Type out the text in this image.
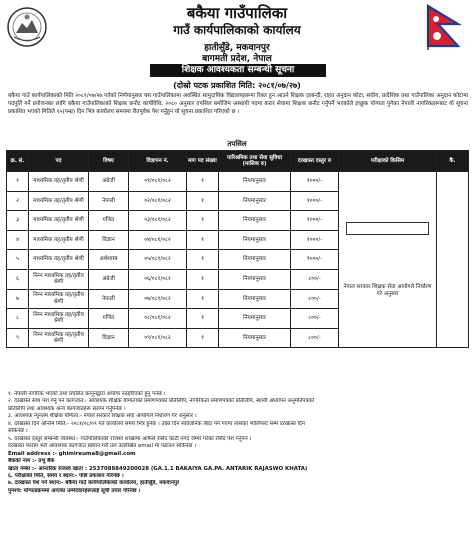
बकैया गाउँपालिका
गाउँ कार्यपालिकाको कार्यालय
हातीसुँडे, मकवानपुर
बागमती प्रदेश, नेपाल
शिक्षक आवश्यकता सम्बन्धी सूचना
(दोस्रो पटक प्रकाशित मिति: २०८१/०७/२७)
बकैया गाउँ कार्यपालिकाको मिति २०८१/०७/२७ गतेको निर्णयानुसार यस गाउँपालिकामा अवस्थित सामुदायिक विद्यालयहरूमा रिक्त हुन आउने शिक्षक दरबन्दी, राहत अनुदान कोटा, संघीय, प्रादेशिक तथा गाउँपालिका अनुदान कोटामा पदपूर्ति गर्ने प्रयोजनका लागि बकैया गाउँपालिकाको शिक्षक छनौट कार्यविधि, २०८० अनुसार तपसिल बमोजिम अस्थायी पदमा करार सेवामा शिक्षक छनौट गर्नुपर्ने भएकोले इच्छुक योग्यता पुगेका नेपाली नागरिकहरूबाट यो सूचना प्रकाशित भएको मितिले १५(पन्ध्र) दिन भित्र कार्यालय समयमा रीतपूर्वक पेश गर्नुहुन यो सूचना प्रकाशित गरिएको छ ।
तपसिल
क्र. सं.	पद	विषय	विज्ञापन नं.	माग पद संख्या	पारिश्रमिक तथा सेवा सुविधा (मासिक रु)	दरखास्त दस्तुर रु	परीक्षाको किसिम	कै.
१	माध्यमिक तह/तृतीय श्रेणी	अंग्रेजी	०१/०८१/०८२	१	नियमानुसार	१०००/-	नेपाल सरकार शिक्षक सेवा आयोगले निर्धारण गरे अनुसार	

२	माध्यमिक तह/तृतीय श्रेणी	नेपाली	०२/०८१/०८२	१	नियमानुसार	१०००/-		
३	माध्यमिक तह/तृतीय श्रेणी	गणित	०३/०८१/०८२	१	नियमानुसार	१०००/-		
४	माध्यमिक तह/तृतीय श्रेणी	विज्ञान	०४/०८१/०८२	१	नियमानुसार	१०००/-		
५	माध्यमिक तह/तृतीय श्रेणी	अर्थशास्त्र	०५/०८१/०८२	१	नियमानुसार	१०००/-		
६	निम्न माध्यमिक तह/तृतीय श्रेणी	अंग्रेजी	०६/०८१/०८२	१	नियमानुसार	८००/-		
७	निम्न माध्यमिक तह/तृतीय श्रेणी	नेपाली	०७/०८१/०८२	१	नियमानुसार	८००/-		
८	निम्न माध्यमिक तह/तृतीय श्रेणी	गणित	०८/०८१/०८२	१	नियमानुसार	८००/-		
९	निम्न माध्यमिक तह/तृतीय श्रेणी	विज्ञान	०९/०८१/०८२	१	नियमानुसार	८००/-		
१. नेपाली नागरिक भएको तथा प्रचलित कानूनद्वारा अयोग्य नठहरिएको हुनु पर्नेछ ।
२. दरखास्त साथ पेश गर्नु पर्ने कागजात:- आवश्यक शैक्षिक योग्यताको प्रमाणपत्रको प्रतिलिपि, नागरिकता प्रमाणपत्रको प्रतिलिपि, स्थायी अध्यापन अनुमतिपत्रको
प्रतिलिपि तथा आवश्यक अन्य कागजातहरू संलग्न गर्नुपर्नेछ ।
३. आवश्यक न्यूनतम शैक्षिक योग्यता:- नेपाल सरकार शिक्षक सेवा आयोगले निर्धारण गरे अनुसार ।
४. दरखास्त दिने अन्तिम मिति:- २०८१/०८/०९ गते कार्यालय समय भित्र हुनेछ । उक्त दिन सार्वजनिक बिदा पर्न गएमा त्यसको भोलिपल्ट सम्म दरखास्त दिन
सकिनेछ ।
५. दरखास्त दस्तुर सम्बन्धी व्यवस्था:- गाउँपालिकाको राजश्व शाखामा आफैले रसिद काटी नगद जम्मा गरेको रसिद पेश गर्नुपर्ने ।
दरखास्त फाराम भरी आवश्यक कागजात स्क्यान गरी तल उल्लेखित email मा पठाउन सकिनेछ ।
Email address :- ghimireuma8@gmail.com
बैंकको नाम :- प्रभु बैंक
खाता नम्बर :- आन्तरिक राजस्व खाता : 2537088849200028 (GA.1.1 BAKAIYA GA.PA. ANTARIK RAJASWO KHATA)
६. परीक्षाको मिति, समय र स्थान:- पछि प्रकाशन गरिनेछ ।
७. दरखास्त पेश गर्ने स्थान:- बकैया गाउँ कार्यपालिकाको कार्यालय, हातीसुँडे, मकवानपुर
पुनश्च: योग्यताक्रममा आएका उम्मेदवारहरूलाई सूची तयार गरिनेछ ।
